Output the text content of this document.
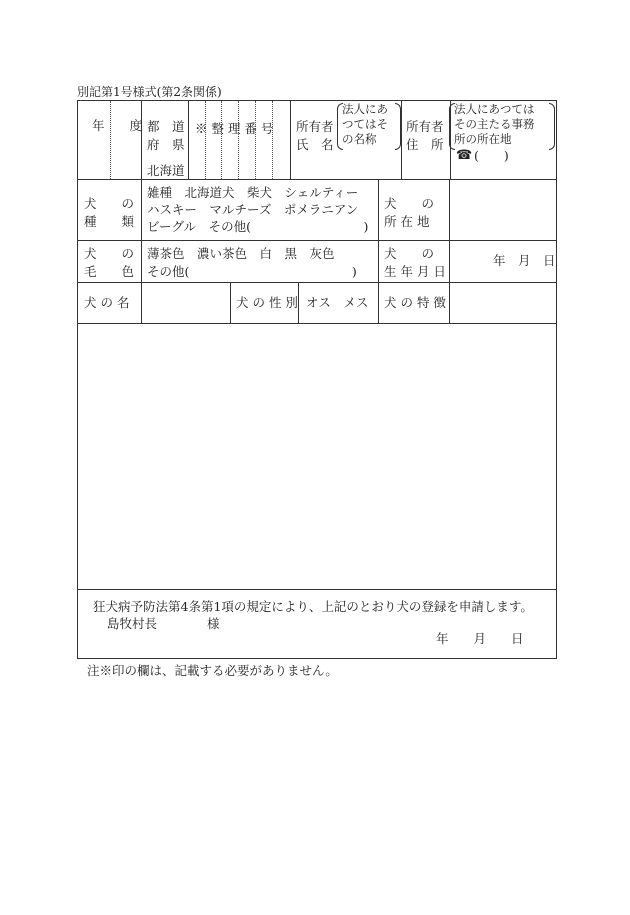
別記第1号様式(第2条関係)
年　　度 都　道
府　県
北海道
※ 整 理 番 号 所有者
氏　名
法人にあ
つてはそ
の名称
所有者
住　所
法人にあつては
その主たる事務
所の所在地
☎ (　　)
犬　　の
種　　類
雑種　北海道犬　柴犬　シェルティー
ハスキー　マルチーズ　ポメラニアン
ビーグル　その他(　　　　　　　　　)
犬　　の
所 在 地
犬　　の
毛　　色
薄茶色　濃い茶色　白　黒　灰色
その他(　　　　　　　　　　　　　)
犬　　の
生 年 月 日
年　月　日
犬 の 名	犬 の 性 別 オス　メス 犬 の 特 徴
狂犬病予防法第4条第1項の規定により、上記のとおり犬の登録を申請します。
島牧村長　　　　様
年　　月　　日
注※印の欄は、記載する必要がありません。
